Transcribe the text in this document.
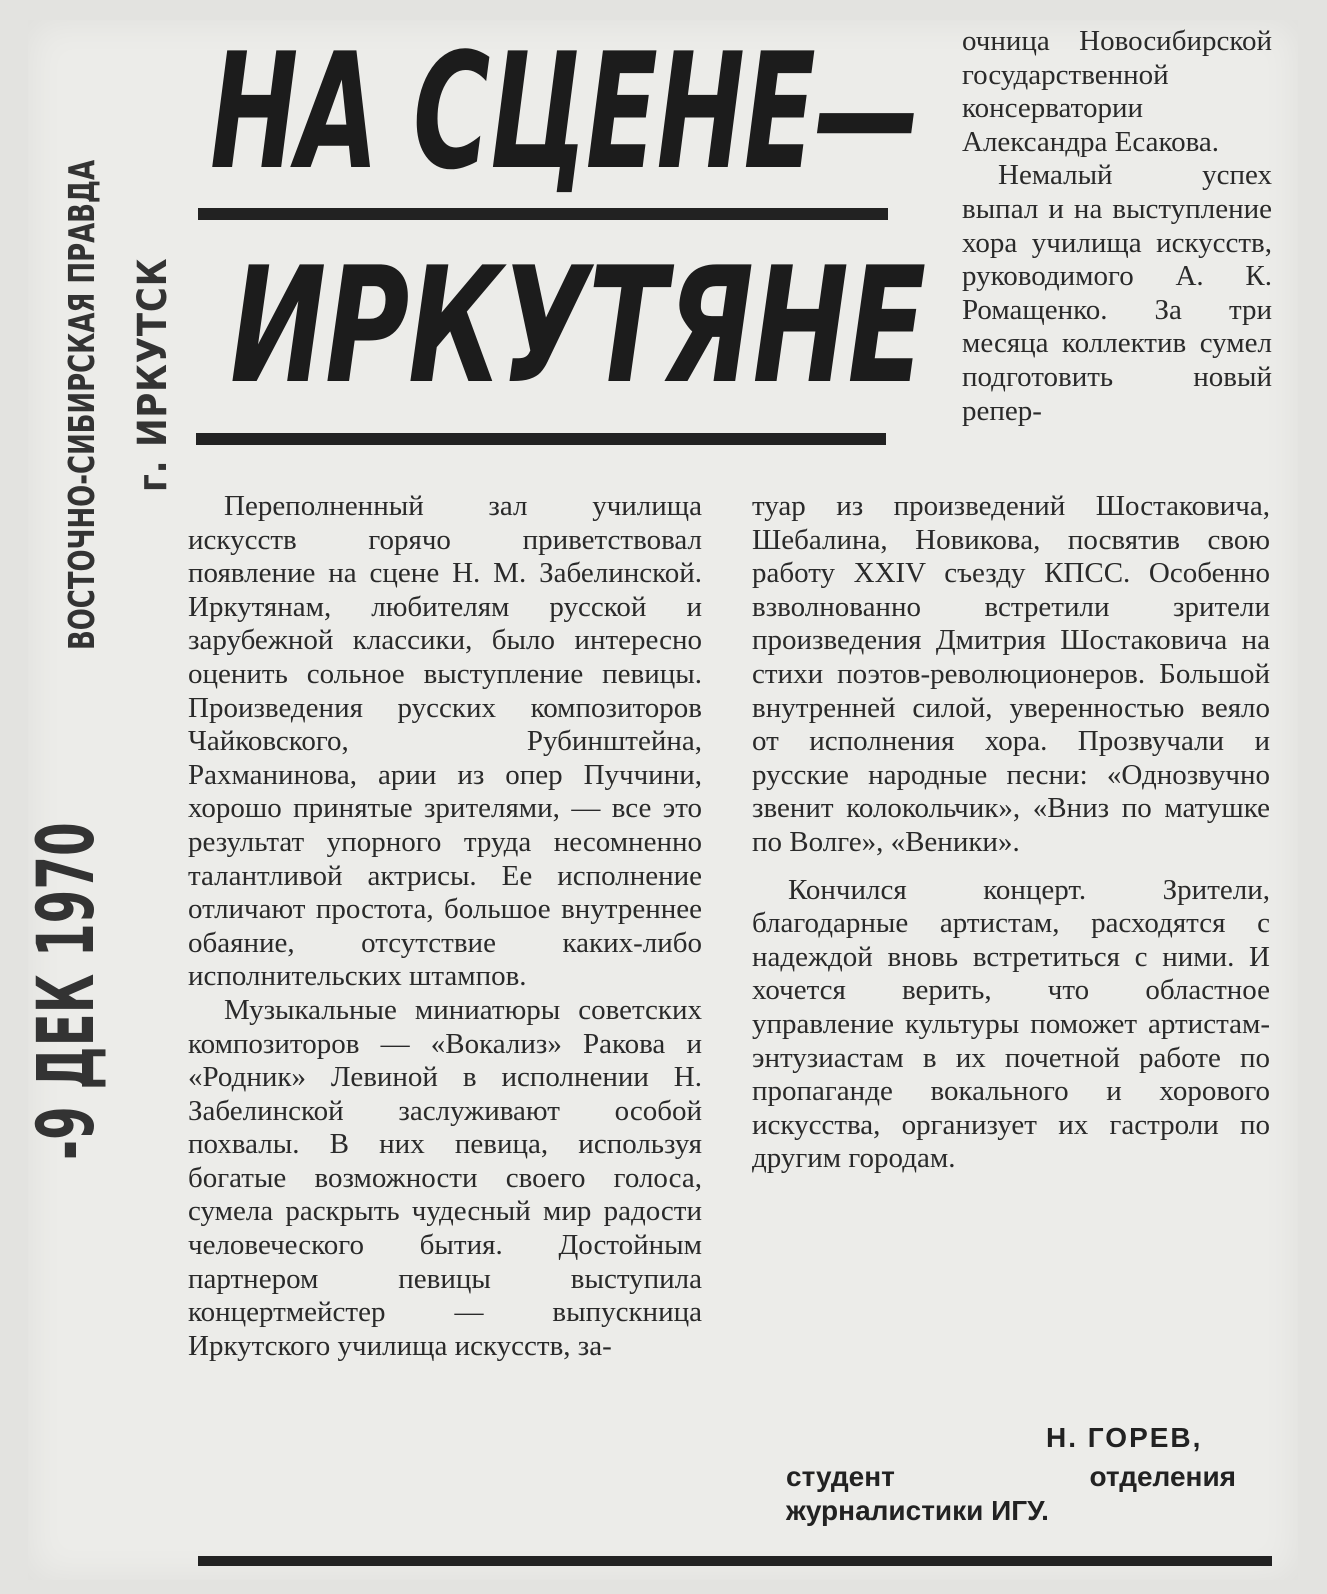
ВОСТОЧНО-СИБИРСКАЯ ПРАВДА г. ИРКУТСК
-9 ДЕК 1970
НА СЦЕНЕ—
ИРКУТЯНЕ

очница Новосибирской государственной консерватории Александра Есакова.

Немалый успех выпал и на выступление хора училища искусств, руководимого А. К. Ромащенко. За три месяца коллектив сумел подготовить новый репер-

Переполненный зал училища искусств горячо приветствовал появление на сцене Н. М. Забелинской. Иркутянам, любителям русской и зарубежной классики, было интересно оценить сольное выступление певицы. Произведения русских композиторов Чайковского, Рубинштейна, Рахманинова, арии из опер Пуччини, хорошо принятые зрителями, — все это результат упорного труда несомненно талантливой актрисы. Ее исполнение отличают простота, большое внутреннее обаяние, отсутствие каких-либо исполнительских штампов.

Музыкальные миниатюры советских композиторов — «Вокализ» Ракова и «Родник» Левиной в исполнении Н. Забелинской заслуживают особой похвалы. В них певица, используя богатые возможности своего голоса, сумела раскрыть чудесный мир радости человеческого бытия. Достойным партнером певицы выступила концертмейстер — выпускница Иркутского училища искусств, за-

туар из произведений Шостаковича, Шебалина, Новикова, посвятив свою работу XXIV съезду КПСС. Особенно взволнованно встретили зрители произведения Дмитрия Шостаковича на стихи поэтов-революционеров. Большой внутренней силой, уверенностью веяло от исполнения хора. Прозвучали и русские народные песни: «Однозвучно звенит колокольчик», «Вниз по матушке по Волге», «Веники».

Кончился концерт. Зрители, благодарные артистам, расходятся с надеждой вновь встретиться с ними. И хочется верить, что областное управление культуры поможет артистам-энтузиастам в их почетной работе по пропаганде вокального и хорового искусства, организует их гастроли по другим городам.

Н. ГОРЕВ,
студент отделения журналистики ИГУ.
